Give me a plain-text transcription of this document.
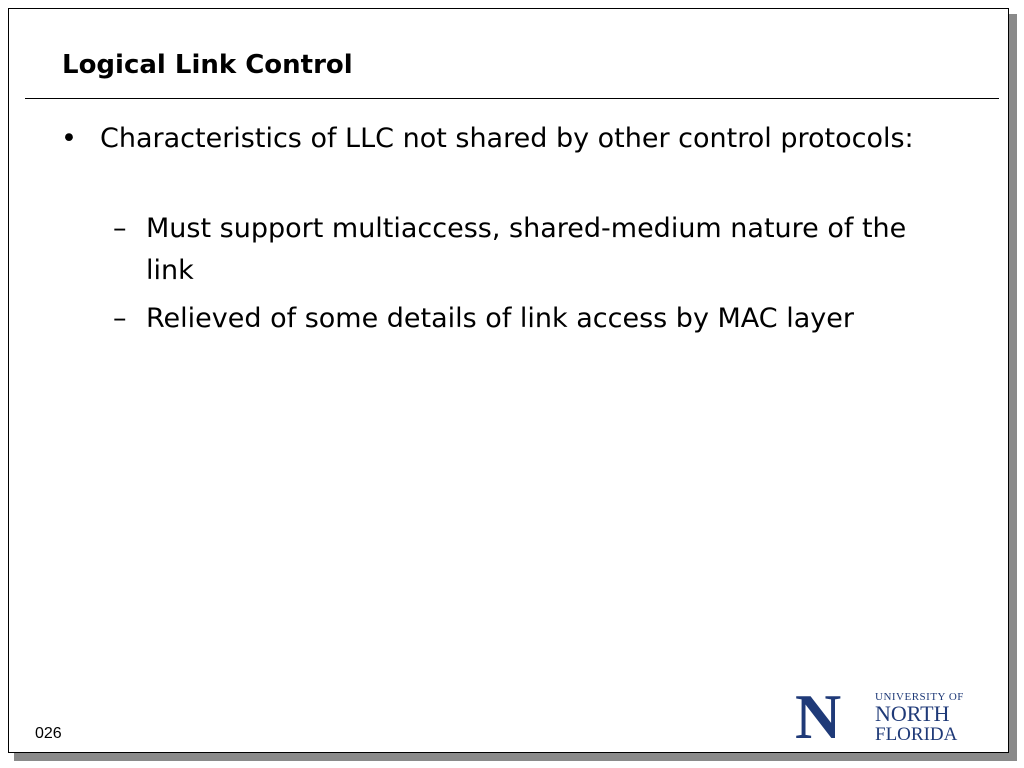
Logical Link Control
• Characteristics of LLC not shared by other control protocols:
– Must support multiaccess, shared-medium nature of the link
– Relieved of some details of link access by MAC layer
026	N	UNIVERSITY OF
NORTH
FLORIDA
